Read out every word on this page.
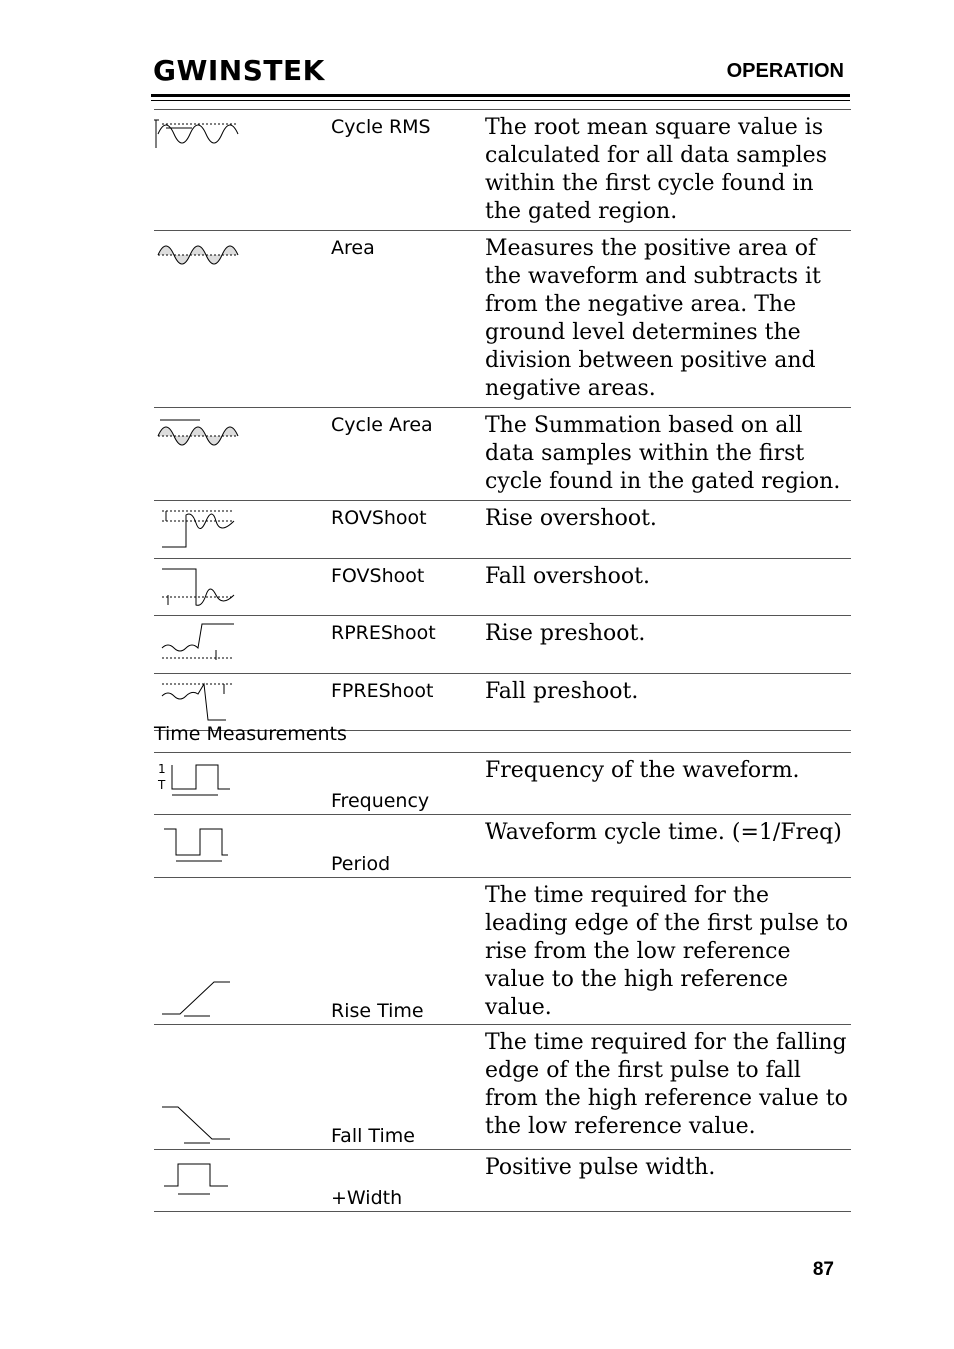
GWINSTEK	OPERATION
	Cycle RMS	The root mean square value is calculated for all data samples within the first cycle found in the gated region.

	Area	Measures the positive area of the waveform and subtracts it from the negative area. The ground level determines the division between positive and negative areas.

	Cycle Area	The Summation based on all data samples within the first cycle found in the gated region.

	ROVShoot	Rise overshoot.

	FOVShoot	Fall overshoot.

	RPREShoot	Rise preshoot.

	FPREShoot	Fall preshoot.
Time Measurements
1
T	Frequency	Frequency of the waveform.

	Period	Waveform cycle time. (=1/Freq)

	Rise Time	The time required for the leading edge of the first pulse to rise from the low reference value to the high reference value.

	Fall Time	The time required for the falling edge of the first pulse to fall from the high reference value to the low reference value.

	+Width	Positive pulse width.
87
